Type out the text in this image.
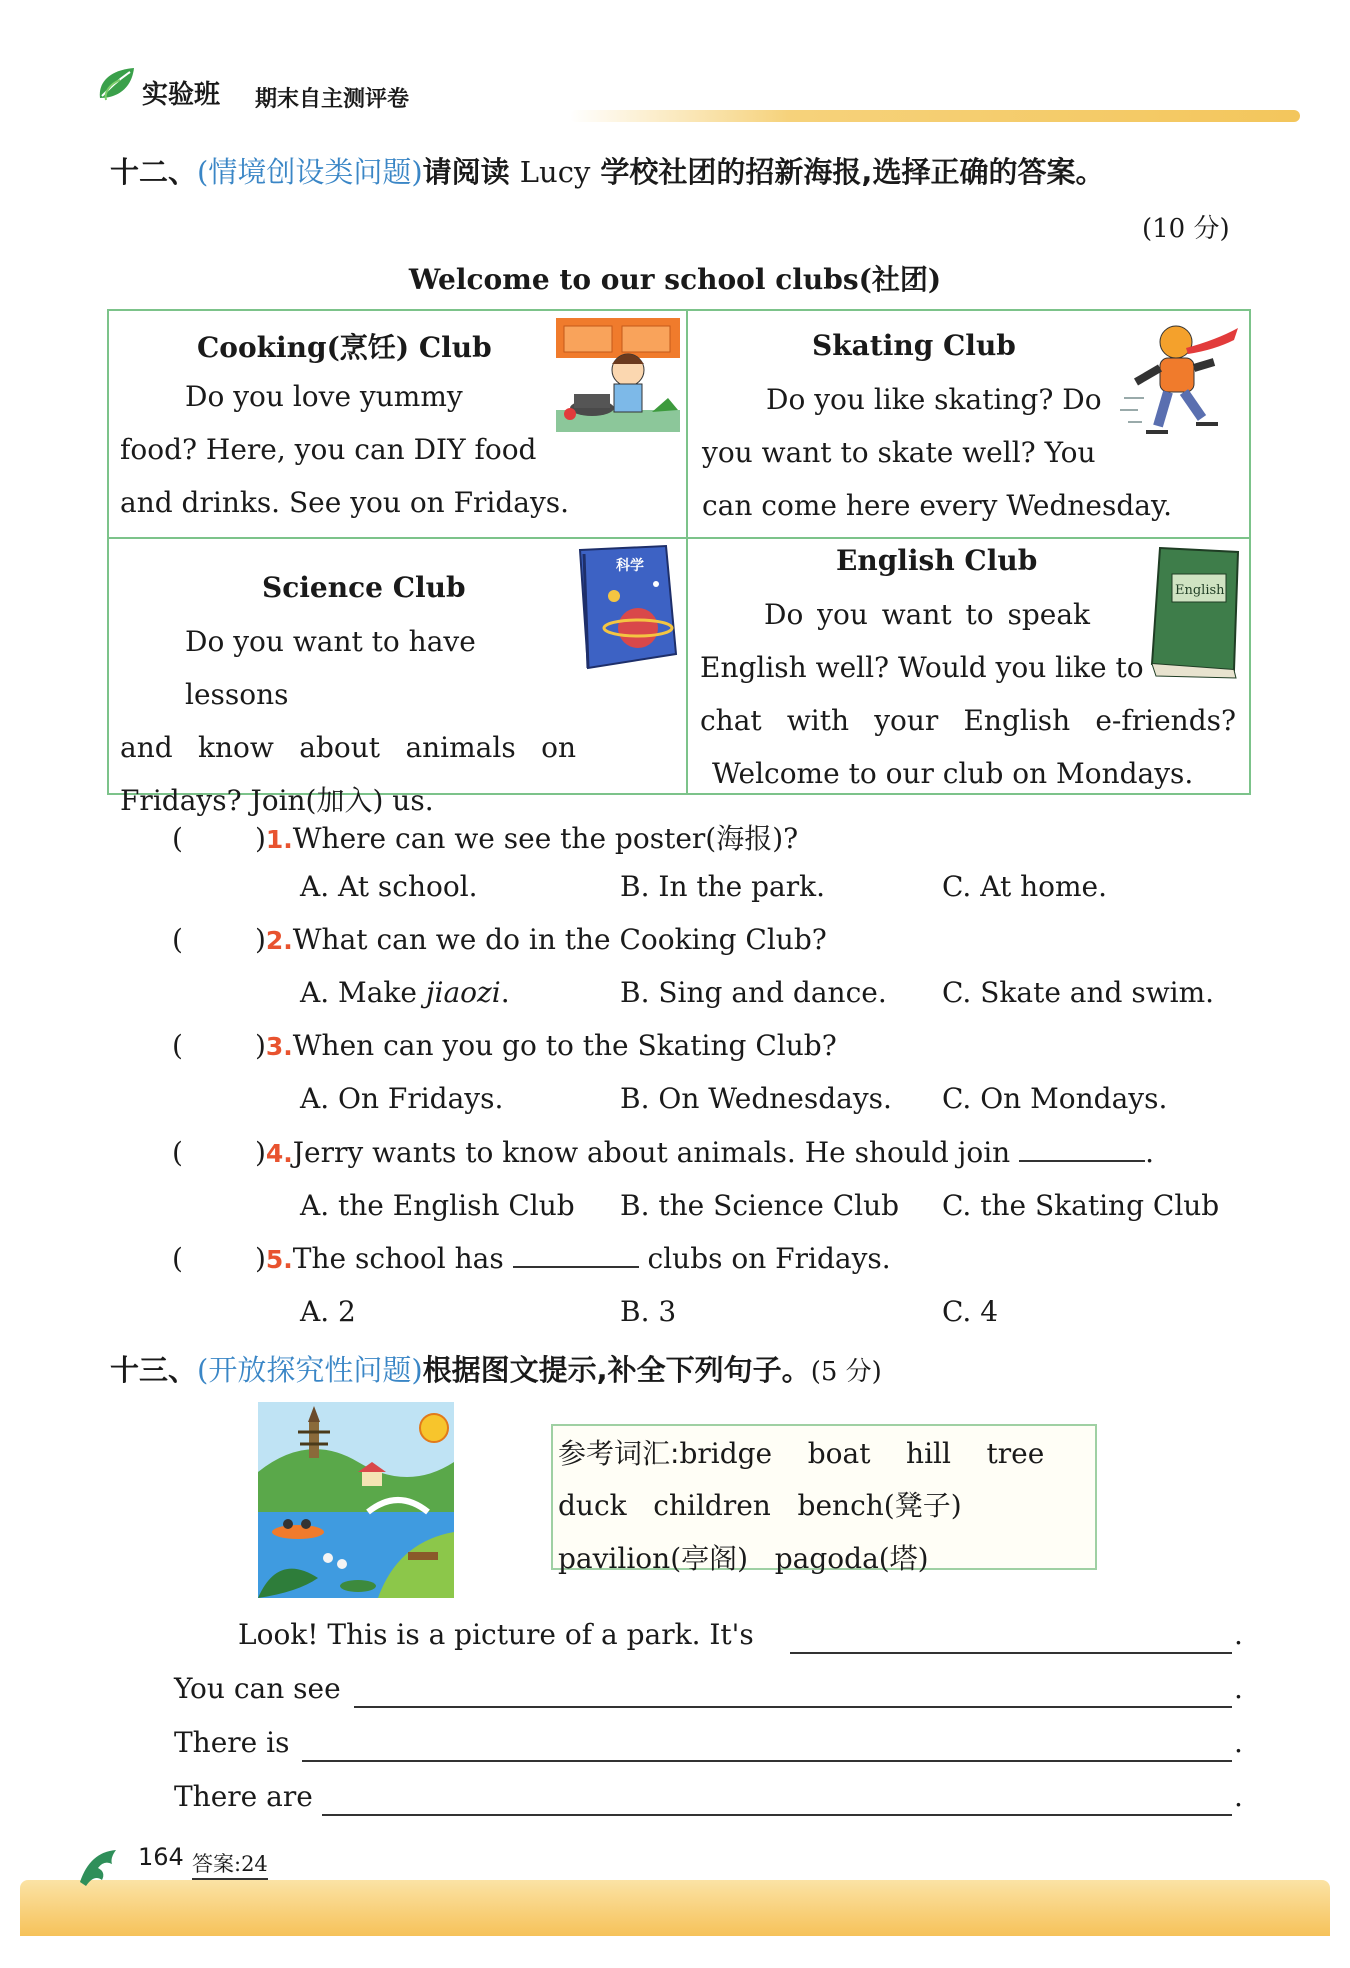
实验班 期末自主测评卷
十二、(情境创设类问题)请阅读 Lucy 学校社团的招新海报,选择正确的答案。
(10 分)
Welcome to our school clubs(社团)
Cooking(烹饪) Club
Do you love yummy
food? Here, you can DIY food
and drinks. See you on Fridays.
Skating Club
Do you like skating? Do
you want to skate well? You
can come here every Wednesday.
Science Club
Do you want to have lessons
and know about animals on
Fridays? Join(加入) us.
科学	English Club
Do you want to speak
English well? Would you like to
chat with your English e-friends?
Welcome to our club on Mondays.
English
(	)1.Where can we see the poster(海报)?
A. At school.	B. In the park.	C. At home.
(	)2.What can we do in the Cooking Club?
A. Make jiaozi.	B. Sing and dance. C. Skate and swim.
(	)3.When can you go to the Skating Club?
A. On Fridays.	B. On Wednesdays. C. On Mondays.
(	)4.Jerry wants to know about animals. He should join	.
A. the English Club B. the Science Club C. the Skating Club
(	)5.The school has	clubs on Fridays.
A. 2	B. 3	C. 4
十三、(开放探究性问题)根据图文提示,补全下列句子。(5 分)
参考词汇:bridge    boat    hill    tree
duck   children   bench(凳子)
pavilion(亭阁)   pagoda(塔)
Look! This is a picture of a park. It's	.
You can see	.
There is	.
There are	.
164 答案:24
